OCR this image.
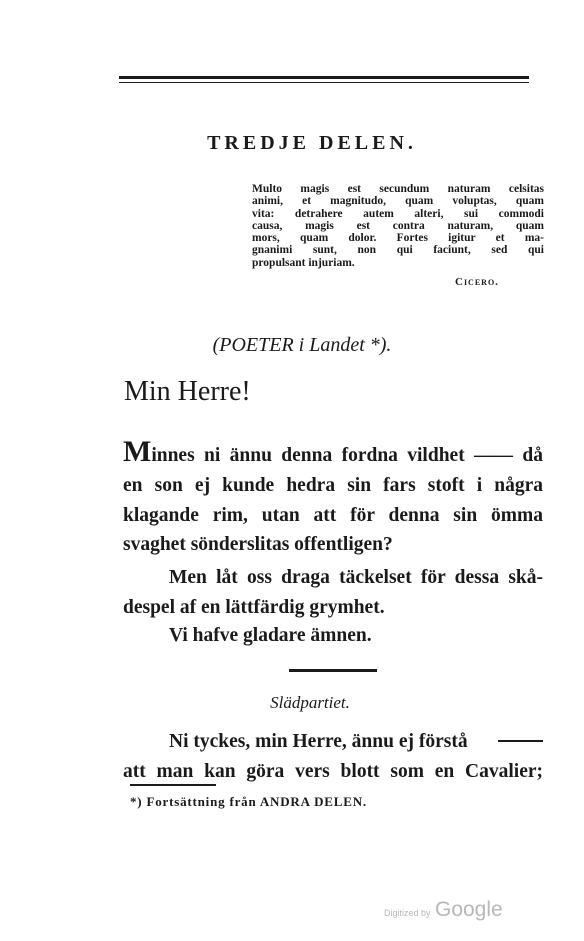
TREDJE DELEN.
Multo magis est secundum naturam celsitas
animi, et magnitudo, quam voluptas, quam
vita: detrahere autem alteri, sui commodi
causa, magis est contra naturam, quam
mors, quam dolor. Fortes igitur et ma-
gnanimi sunt, non qui faciunt, sed qui
propulsant injuriam.
Cicero.
(POETER i Landet *).
Min Herre!
Minnes ni ännu denna fordna vildhet —— då
en son ej kunde hedra sin fars stoft i några
klagande rim, utan att för denna sin ömma
svaghet sönderslitas offentligen?
Men låt oss draga täckelset för dessa skå-
despel af en lättfärdig grymhet.
Vi hafve gladare ämnen.
Slädpartiet.
Ni tyckes, min Herre, ännu ej förstå
att man kan göra vers blott som en Cavalier;
*) Fortsättning från ANDRA DELEN.
Digitized by Google
